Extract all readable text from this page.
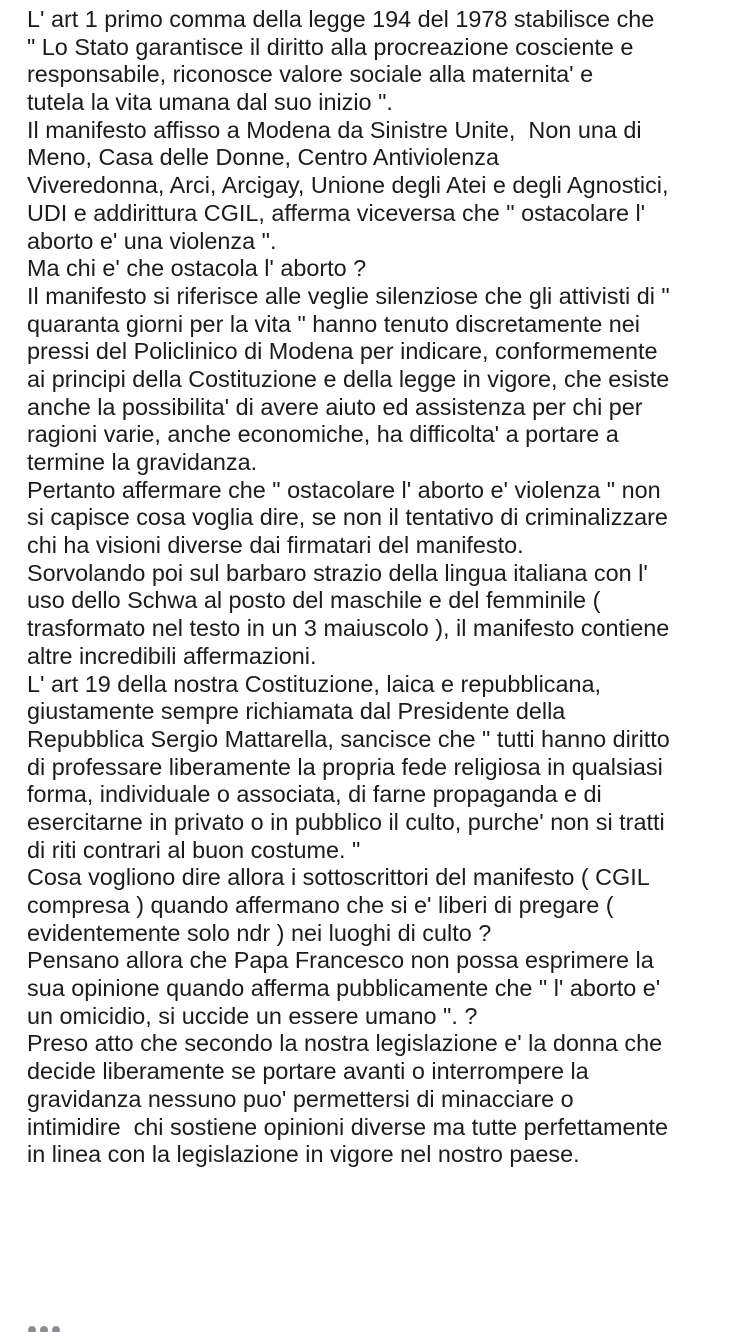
L' art 1 primo comma della legge 194 del 1978 stabilisce che
" Lo Stato garantisce il diritto alla procreazione cosciente e
responsabile, riconosce valore sociale alla maternita' e
tutela la vita umana dal suo inizio ".
Il manifesto affisso a Modena da Sinistre Unite,  Non una di
Meno, Casa delle Donne, Centro Antiviolenza
Viveredonna, Arci, Arcigay, Unione degli Atei e degli Agnostici,
UDI e addirittura CGIL, afferma viceversa che " ostacolare l'
aborto e' una violenza ".
Ma chi e' che ostacola l' aborto ?
Il manifesto si riferisce alle veglie silenziose che gli attivisti di "
quaranta giorni per la vita " hanno tenuto discretamente nei
pressi del Policlinico di Modena per indicare, conformemente
ai principi della Costituzione e della legge in vigore, che esiste
anche la possibilita' di avere aiuto ed assistenza per chi per
ragioni varie, anche economiche, ha difficolta' a portare a
termine la gravidanza.
Pertanto affermare che " ostacolare l' aborto e' violenza " non
si capisce cosa voglia dire, se non il tentativo di criminalizzare
chi ha visioni diverse dai firmatari del manifesto.
Sorvolando poi sul barbaro strazio della lingua italiana con l'
uso dello Schwa al posto del maschile e del femminile (
trasformato nel testo in un 3 maiuscolo ), il manifesto contiene
altre incredibili affermazioni.
L' art 19 della nostra Costituzione, laica e repubblicana,
giustamente sempre richiamata dal Presidente della
Repubblica Sergio Mattarella, sancisce che " tutti hanno diritto
di professare liberamente la propria fede religiosa in qualsiasi
forma, individuale o associata, di farne propaganda e di
esercitarne in privato o in pubblico il culto, purche' non si tratti
di riti contrari al buon costume. "
Cosa vogliono dire allora i sottoscrittori del manifesto ( CGIL
compresa ) quando affermano che si e' liberi di pregare (
evidentemente solo ndr ) nei luoghi di culto ?
Pensano allora che Papa Francesco non possa esprimere la
sua opinione quando afferma pubblicamente che " l' aborto e'
un omicidio, si uccide un essere umano ". ?
Preso atto che secondo la nostra legislazione e' la donna che
decide liberamente se portare avanti o interrompere la
gravidanza nessuno puo' permettersi di minacciare o
intimidire  chi sostiene opinioni diverse ma tutte perfettamente
in linea con la legislazione in vigore nel nostro paese.
